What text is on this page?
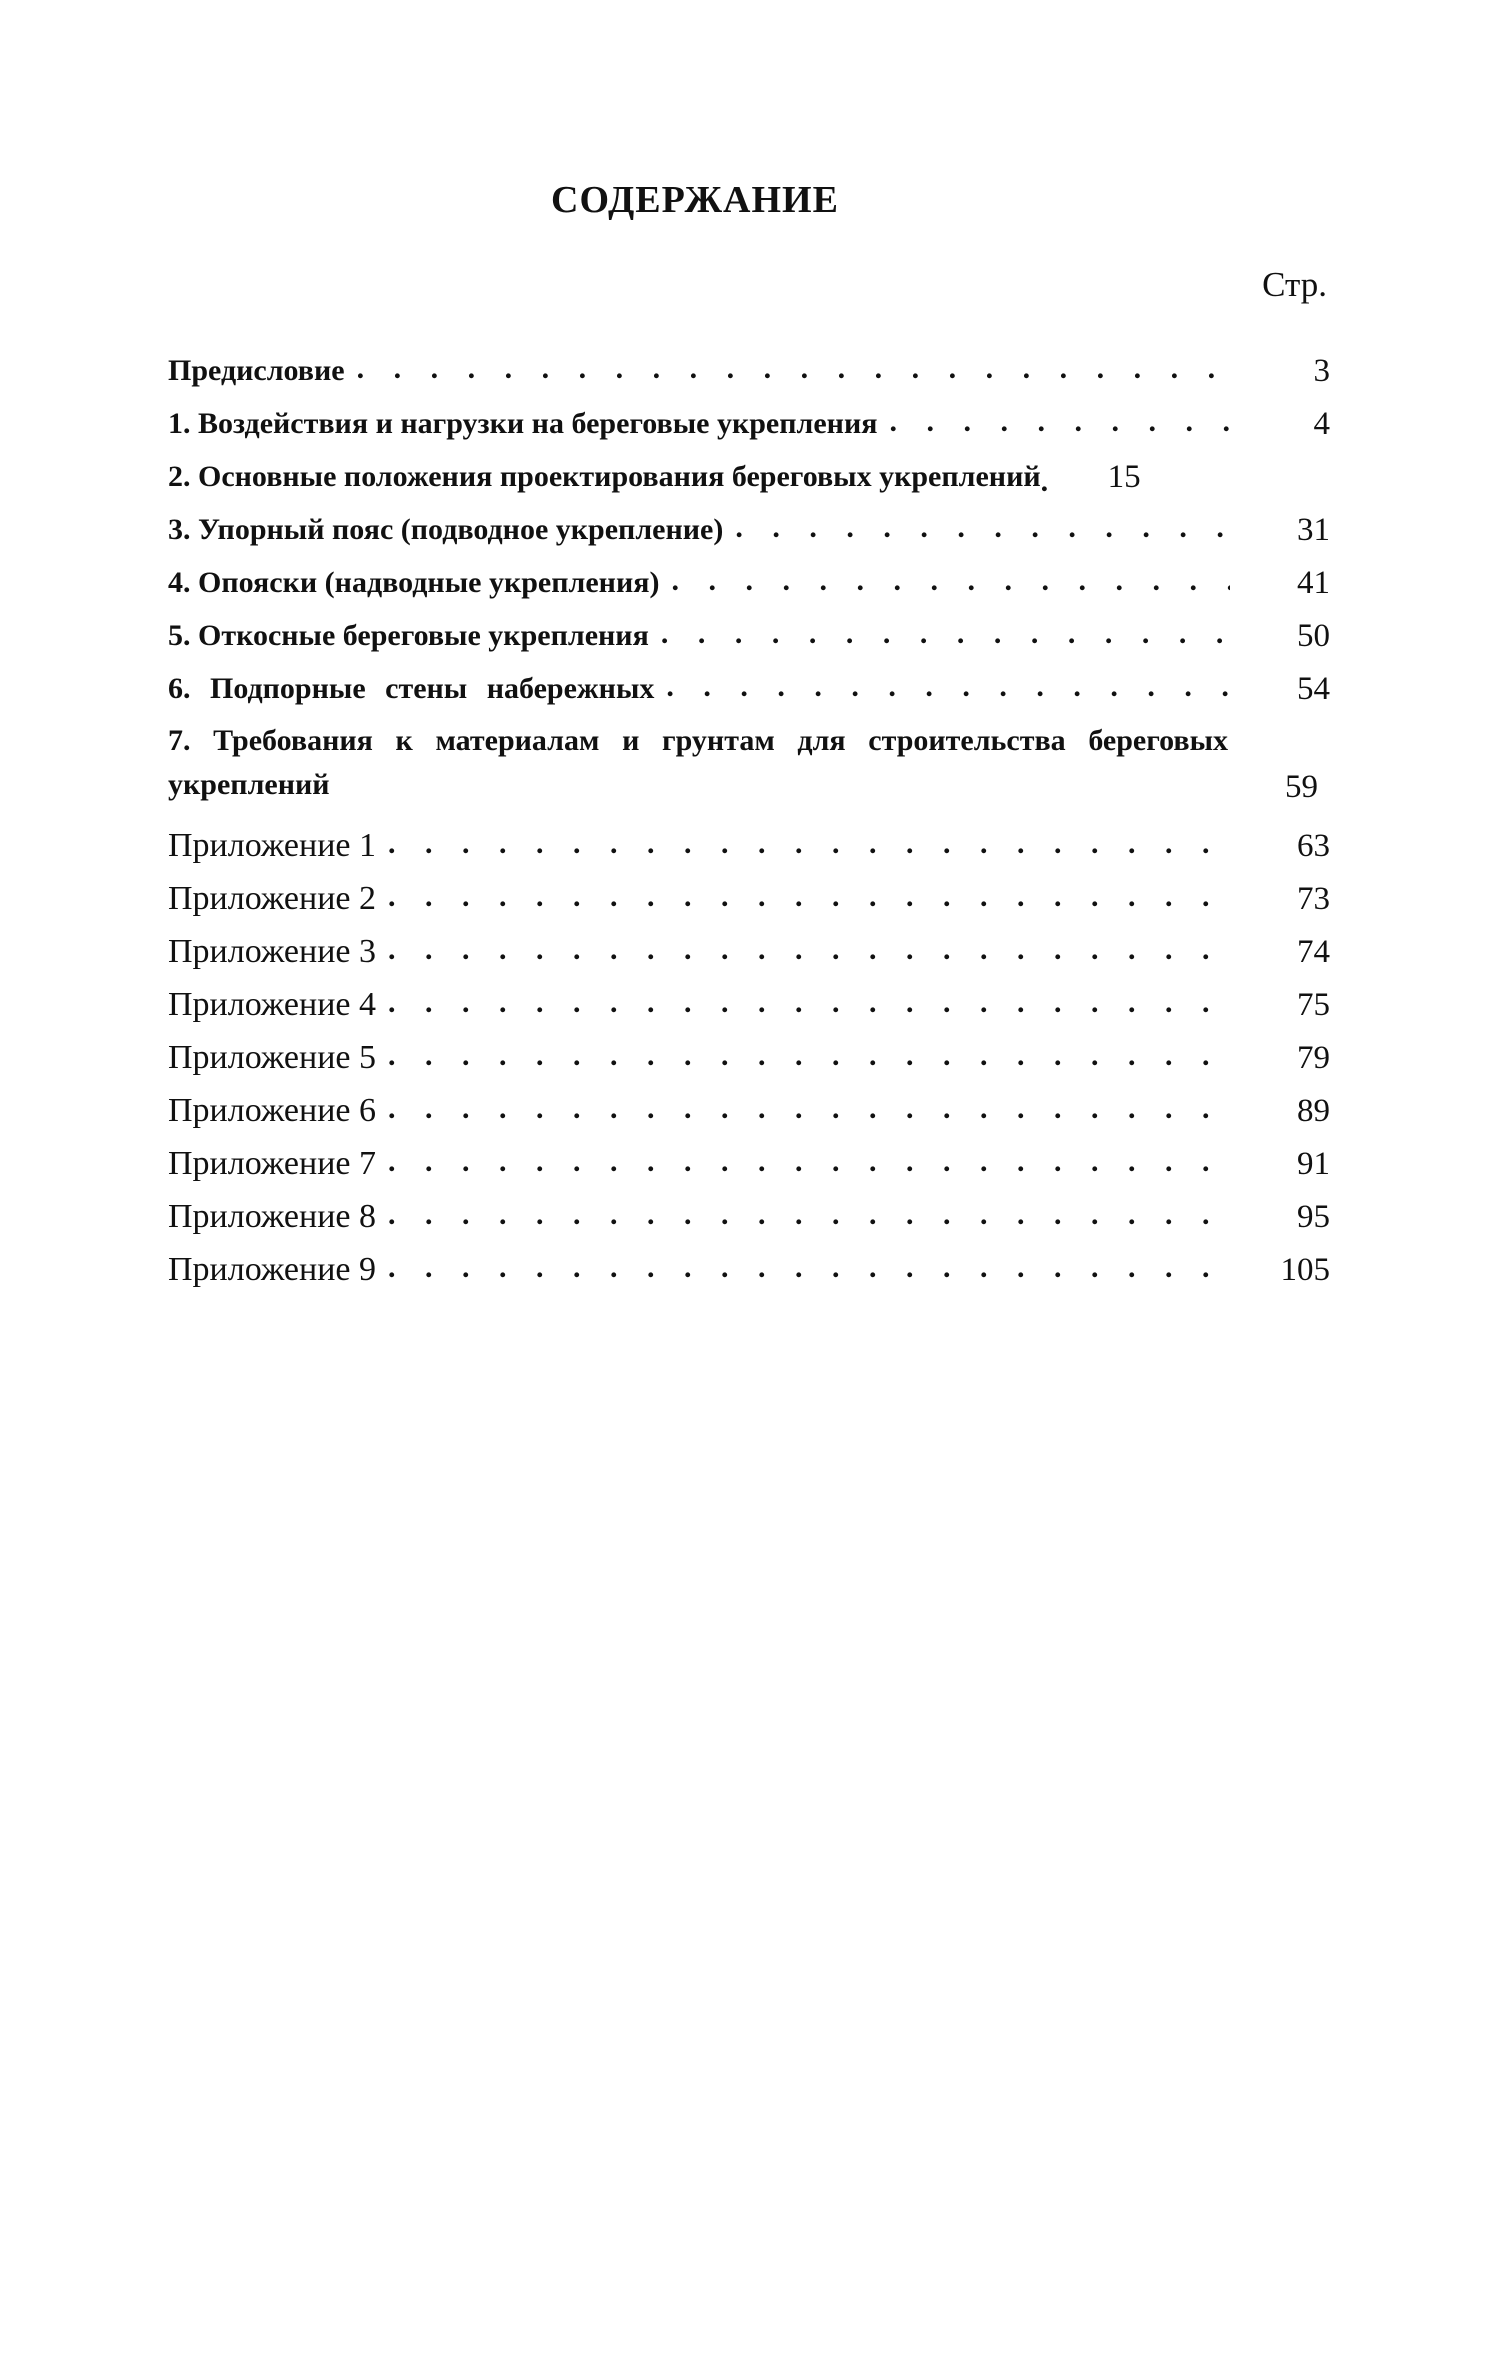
СОДЕРЖАНИЕ
Стр.
Предисловие . . .	3
1. Воздействия и нагрузки на береговые укрепления . . .	4
2. Основные положения проектирования береговых укреплений . . .	15
3. Упорный пояс (подводное укрепление) . . .	31
4. Опояски (надводные укрепления) . . .	41
5. Откосные береговые укрепления . . .	50
6. Подпорные стены набережных . . .	54
7. Требования к материалам и грунтам для строительства береговых укреплений	59
Приложение 1 . . .	63
Приложение 2 . . .	73
Приложение 3 . . .	74
Приложение 4 . . .	75
Приложение 5 . . .	79
Приложение 6 . . .	89
Приложение 7 . . .	91
Приложение 8 . . .	95
Приложение 9 . . .	105
